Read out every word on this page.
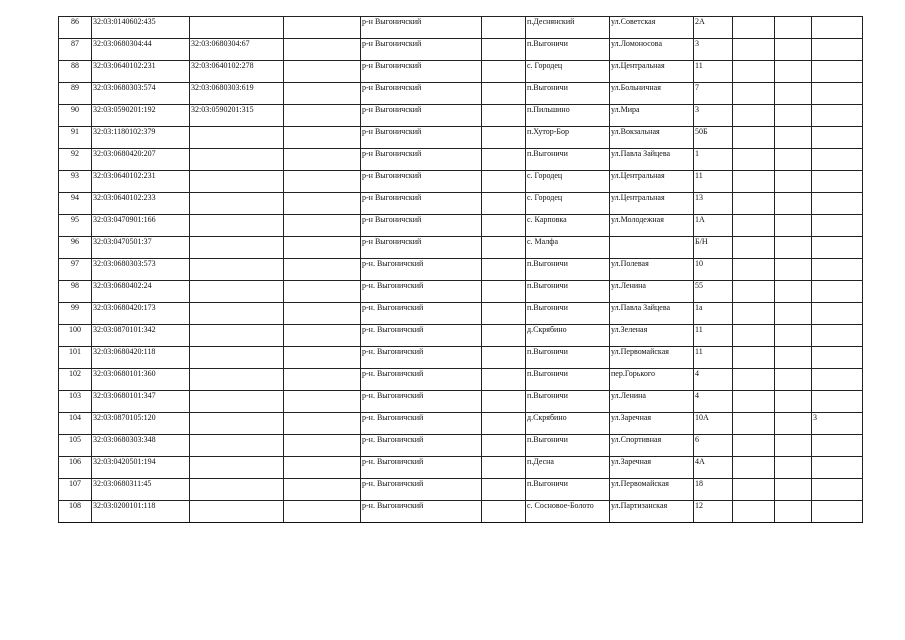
86	32:03:0140602:435			р-н Выгоничский		п.Деснянский	ул.Советская	2А			
87	32:03:0680304:44	32:03:0680304:67		р-н Выгоничский		п.Выгоничи	ул.Ломоносова	3			
88	32:03:0640102:231	32:03:0640102:278		р-н Выгоничский		с. Городец	ул.Центральная	11			
89	32:03:0680303:574	32:03:0680303:619		р-н Выгоничский		п.Выгоничи	ул.Больничная	7			
90	32:03:0590201:192	32:03:0590201:315		р-н Выгоничский		п.Пильшино	ул.Мира	3			
91	32:03:1180102:379			р-н Выгоничский		п.Хутор-Бор	ул.Вокзальная	50Б			
92	32:03:0680420:207			р-н Выгоничский		п.Выгоничи	ул.Павла Зайцева	1			
93	32:03:0640102:231			р-н Выгоничский		с. Городец	ул.Центральная	11			
94	32:03:0640102:233			р-н Выгоничский		с. Городец	ул.Центральная	13			
95	32:03:0470901:166			р-н Выгоничский		с. Карповка	ул.Молодежная	1А			
96	32:03:0470501:37			р-н Выгоничский		с. Малфа		Б/Н			
97	32:03:0680303:573			р-н. Выгоничский		п.Выгоничи	ул.Полевая	10			
98	32:03:0680402:24			р-н. Выгоничский		п.Выгоничи	ул.Ленина	55			
99	32:03:0680420:173			р-н. Выгоничский		п.Выгоничи	ул.Павла Зайцева	1а			
100	32:03:0870101:342			р-н. Выгоничский		д.Скрябино	ул.Зеленая	11			
101	32:03:0680420:118			р-н. Выгоничский		п.Выгоничи	ул.Первомайская	11			
102	32:03:0680101:360			р-н. Выгоничский		п.Выгоничи	пер.Горького	4			
103	32:03:0680101:347			р-н. Выгоничский		п.Выгоничи	ул.Ленина	4			
104	32:03:0870105:120			р-н. Выгоничский		д.Скрябино	ул.Заречная	10А			3
105	32:03:0680303:348			р-н. Выгоничский		п.Выгоничи	ул.Спортивная	6			
106	32:03:0420501:194			р-н. Выгоничский		п.Десна	ул.Заречная	4А			
107	32:03:0680311:45			р-н. Выгоничский		п.Выгоничи	ул.Первомайская	18			
108	32:03:0200101:118			р-н. Выгоничский		с. Сосновое-Болото	ул.Партизанская	12			
